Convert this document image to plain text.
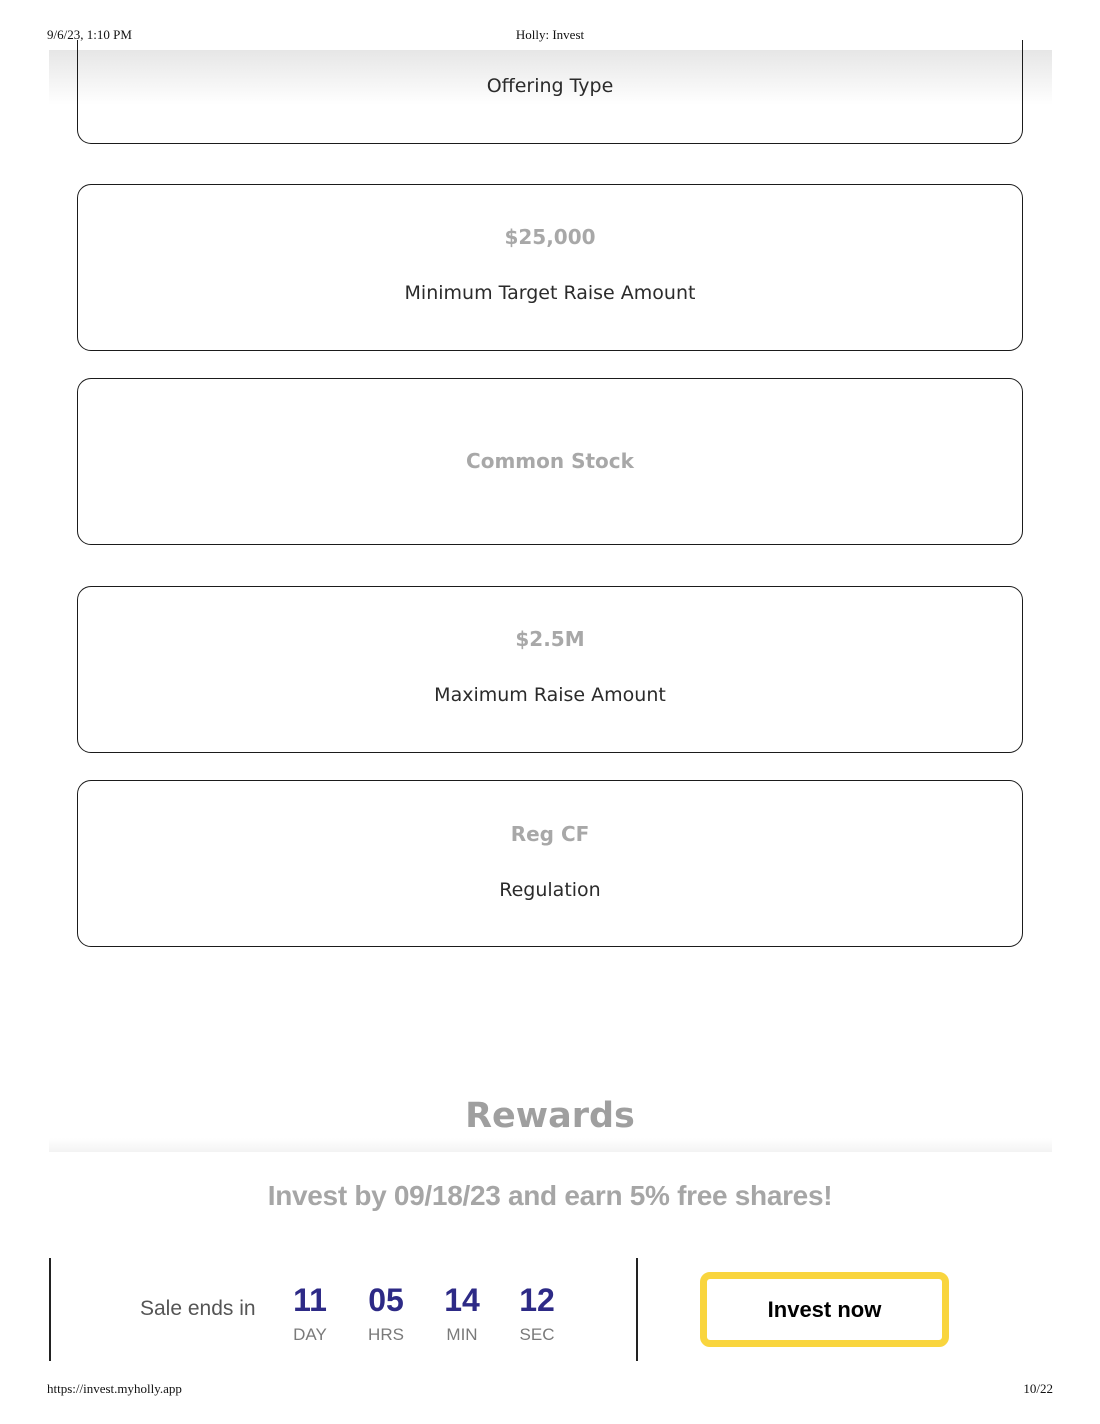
9/6/23, 1:10 PM	Holly: Invest
Offering Type
$25,000
Minimum Target Raise Amount
Common Stock
$2.5M
Maximum Raise Amount
Reg CF
Regulation
Rewards
Invest by 09/18/23 and earn 5% free shares!
Sale ends in	11
DAY
05
HRS
14
MIN
12
SEC
Invest now
https://invest.myholly.app	10/22
